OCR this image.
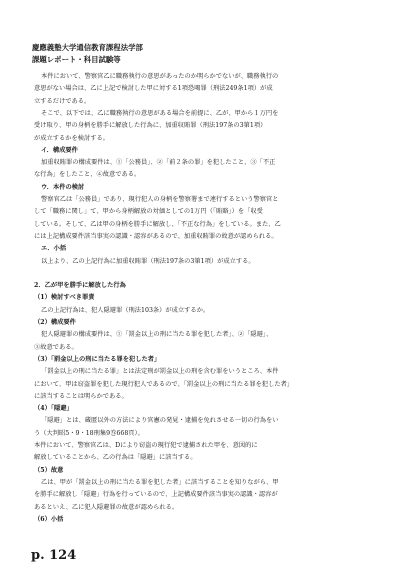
慶應義塾大学通信教育課程法学部
課題レポート・科目試験等
本件において、警察官乙に職務執行の意思があったのか明らかでないが、職務執行の
意思がない場合は、乙に上記で検討した甲に対する1項恐喝罪（刑法249条1項）が成
立するだけである。
そこで、以下では、乙に職務執行の意思がある場合を前提に、乙が、甲から１万円を
受け取り、甲の身柄を勝手に解放した行為に、加重収賄罪（刑法197条の3第1項）
が成立するかを検討する。
イ．構成要件
加重収賄罪の構成要件は、①「公務員」、②「前２条の罪」を犯したこと、③「不正
な行為」をしたこと、④故意である。
ウ．本件の検討
警察官乙は「公務員」であり、現行犯人の身柄を警察署まで連行するという警察官と
して「職務に関し」て、甲から身柄解放の対価としての1万円（「賄賂」）を「収受
している。そして、乙は甲の身柄を勝手に解放し、「不正な行為」をしている。また、乙
には上記構成要件該当事実の認識・認容があるので、加重収賄罪の故意が認められる。
エ．小括
以上より、乙の上記行為に加重収賄罪（刑法197条の3第1項）が成立する。
2．乙が甲を勝手に解放した行為
（1）検討すべき罪責
乙の上記行為は、犯人隠避罪（刑法103条）が成立するか。
（2）構成要件
犯人隠避罪の構成要件は、①「罰金以上の刑に当たる罪を犯した者」、②「隠避」、
③故意である。
（3）「罰金以上の刑に当たる罪を犯した者」
「罰金以上の刑に当たる罪」とは法定刑が罰金以上の刑を含む罪をいうところ、本件
において、甲は窃盗罪を犯した現行犯人であるので、「罰金以上の刑に当たる罪を犯した者」
に該当することは明らかである。
（4）「隠避」
「隠避」とは、蔵匿以外の方法により官憲の発見・逮捕を免れさせる一切の行為をい
う（大判昭5・9・18刑集9巻668頁）。
本件において、警察官乙は、Dにより窃盗の現行犯で逮捕された甲を、意図的に
解放していることから、乙の行為は「隠避」に該当する。
（5）故意
乙は、甲が「罰金以上の刑に当たる罪を犯した者」に該当することを知りながら、甲
を勝手に解放し「隠避」行為を行っているので、上記構成要件該当事実の認識・認容が
あるといえ、乙に犯人隠避罪の故意が認められる。
（6）小括
p. 124
